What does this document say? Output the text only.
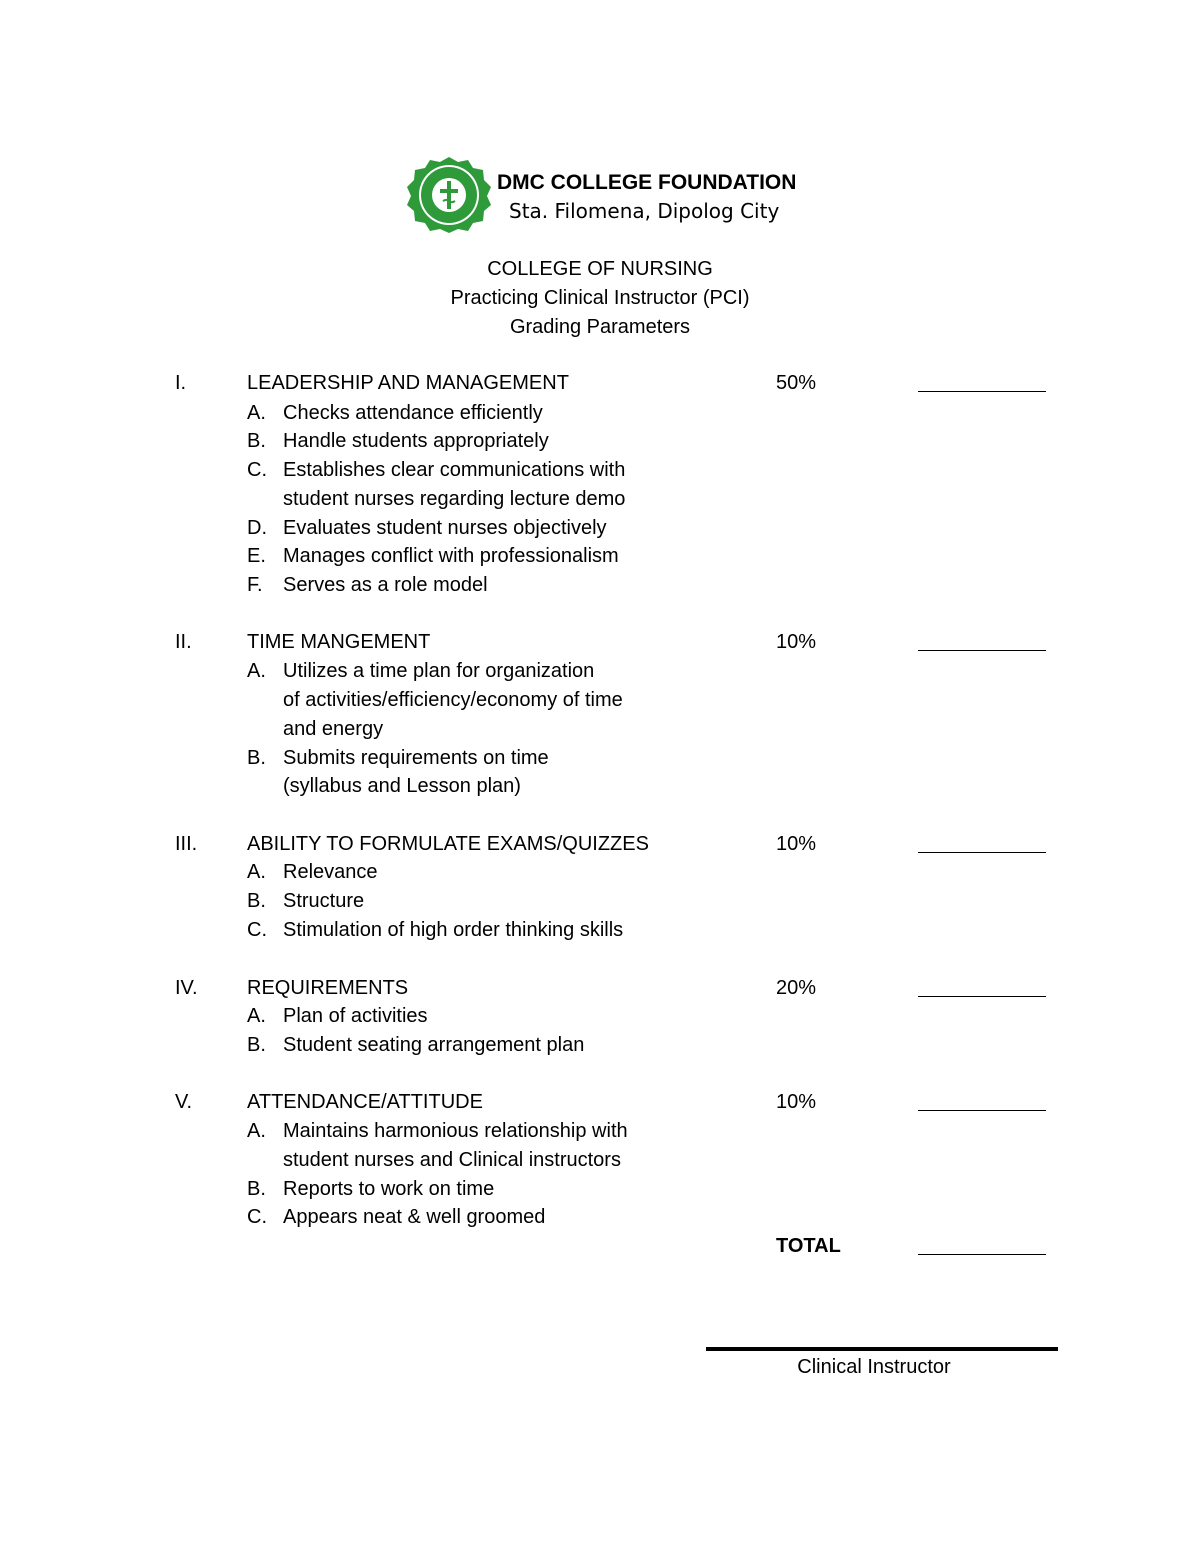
DMC COLLEGE FOUNDATION
Sta. Filomena, Dipolog City
COLLEGE OF NURSING
Practicing Clinical Instructor (PCI)
Grading Parameters
I.	LEADERSHIP AND MANAGEMENT	50%
A. Checks attendance efficiently
B. Handle students appropriately
C. Establishes clear communications with
student nurses regarding lecture demo
D. Evaluates student nurses objectively
E. Manages conflict with professionalism
F. Serves as a role model
II.	TIME MANGEMENT	10%
A. Utilizes a time plan for organization
of activities/efficiency/economy of time
and energy
B. Submits requirements on time
(syllabus and Lesson plan)
III. ABILITY TO FORMULATE EXAMS/QUIZZES	10%
A. Relevance
B. Structure
C. Stimulation of high order thinking skills
IV. REQUIREMENTS	20%
A. Plan of activities
B. Student seating arrangement plan
V.	ATTENDANCE/ATTITUDE	10%
A. Maintains harmonious relationship with
student nurses and Clinical instructors
B. Reports to work on time
C. Appears neat & well groomed
TOTAL
Clinical Instructor
